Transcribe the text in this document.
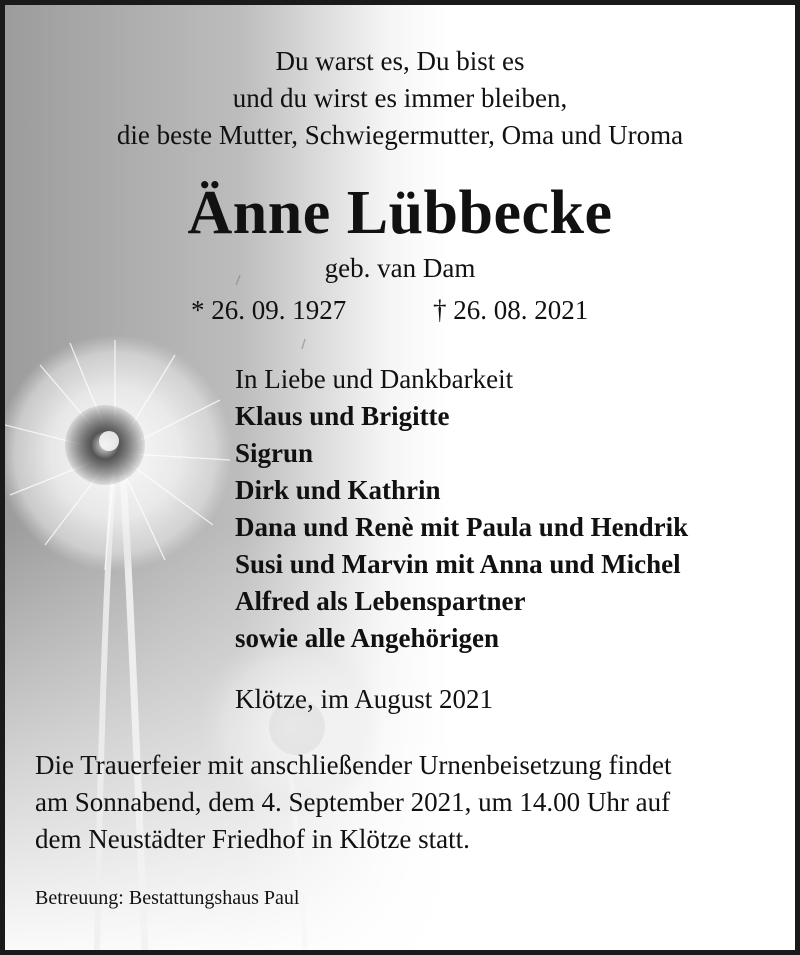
Du warst es, Du bist es
und du wirst es immer bleiben,
die beste Mutter, Schwiegermutter, Oma und Uroma
Änne Lübbecke
geb. van Dam
* 26. 09. 1927	† 26. 08. 2021
In Liebe und Dankbarkeit
Klaus und Brigitte
Sigrun
Dirk und Kathrin
Dana und Renè mit Paula und Hendrik
Susi und Marvin mit Anna und Michel
Alfred als Lebenspartner
sowie alle Angehörigen
Klötze, im August 2021
Die Trauerfeier mit anschließender Urnenbeisetzung findet
am Sonnabend, dem 4. September 2021, um 14.00 Uhr auf
dem Neustädter Friedhof in Klötze statt.
Betreuung: Bestattungshaus Paul
